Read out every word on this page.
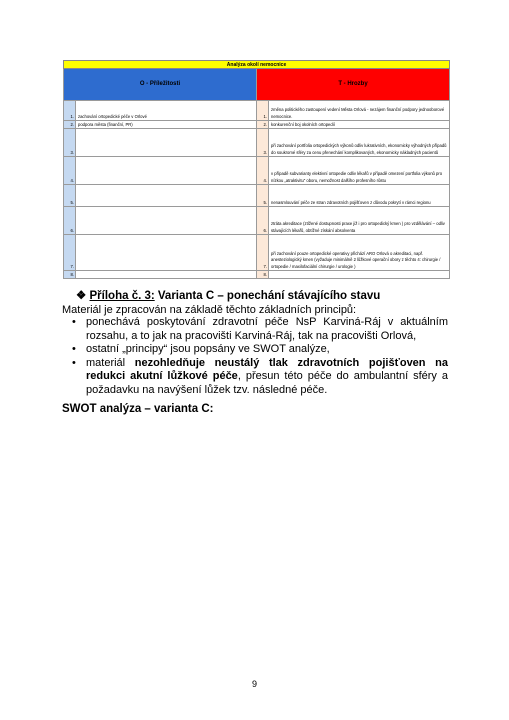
Analýza okolí nemocnice			
O - Příležitosti		T - Hrozby	
1.	zachování ortopedické péče v Orlové	1.	změna politického zastoupení vedení Města Orlová - nezájem finanční podpory jednooborové nemocnice.
2.	podpora města (finanční, PR)	2.	konkurenční boj okolních ortopedií
3.		3.	při zachování portfolia ortopedických výkonů odliv lukrativních, ekonomicky výhodných případů do soukromé sféry za cenu přenechání komplikovaných, ekonomicky nákladných pacientů
4.		4.	v případě subvarianty elektivní ortopedie odliv lékařů v případě omezení portfolia výkonů pro nízkou „atraktivitu“ oboru, nemožnost dalšího profesního růstu
5.		5.	nenasmlouvání péče ze stran zdravotních pojišťoven z důvodu pokrytí v rámci regionu
6.		6.	ztráta akreditace (ztížené dostupnosti praxe již i pro ortopedický kmen ) pro vzdělávání – odliv stávajících lékařů, obtížné získání absolventa
7.		7.	při zachování pouze ortopedické operativy přichází ARO Orlová o akreditaci, např. anesteziologický kmen (vyžaduje minimálně 2 lůžkové operační obory z těchto 4: chirurgie / ortopedie / maxilofaciální chirurgie / urologie )
8.		8.	
❖ Příloha č. 3: Varianta C – ponechání stávajícího stavu
Materiál je zpracován na základě těchto základních principů:
• ponechává poskytování zdravotní péče NsP Karviná-Ráj v aktuálním rozsahu, a to jak na pracovišti Karviná-Ráj, tak na pracovišti Orlová,
• ostatní „principy“ jsou popsány ve SWOT analýze,
• materiál nezohledňuje neustálý tlak zdravotních pojišťoven na redukci akutní lůžkové péče, přesun této péče do ambulantní sféry a požadavku na navýšení lůžek tzv. následné péče.
SWOT analýza – varianta C:
9
